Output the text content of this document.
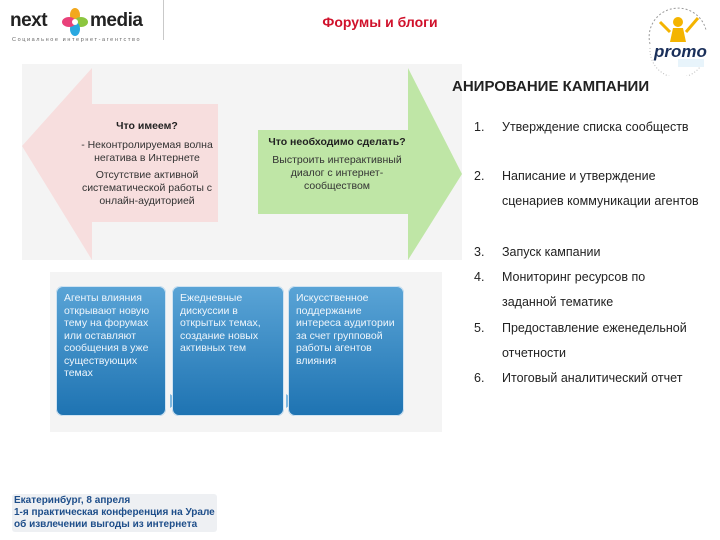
next media
Социальное интернет-агентство
Форумы и блоги
promo
Что имеем?
- Неконтролируемая волна негатива в Интернете
Отсутствие активной систематической работы с онлайн-аудиторией
Что необходимо сделать?
Выстроить интерактивный диалог с интернет-сообществом
Агенты влияния открывают новую тему на форумах или оставляют сообщения в уже существующих темах
Ежедневные дискуссии в открытых темах, создание новых активных тем
Искусственное поддержание интереса аудитории за счет групповой работы агентов влияния
АНИРОВАНИЕ КАМПАНИИ
1. Утверждение списка сообществ
2. Написание и утверждение сценариев коммуникации агентов
3. Запуск кампании
4. Мониторинг ресурсов по заданной тематике
5. Предоставление еженедельной отчетности
6. Итоговый аналитический отчет
Екатеринбург, 8 апреля
1-я практическая конференция на Урале
об извлечении выгоды из интернета
